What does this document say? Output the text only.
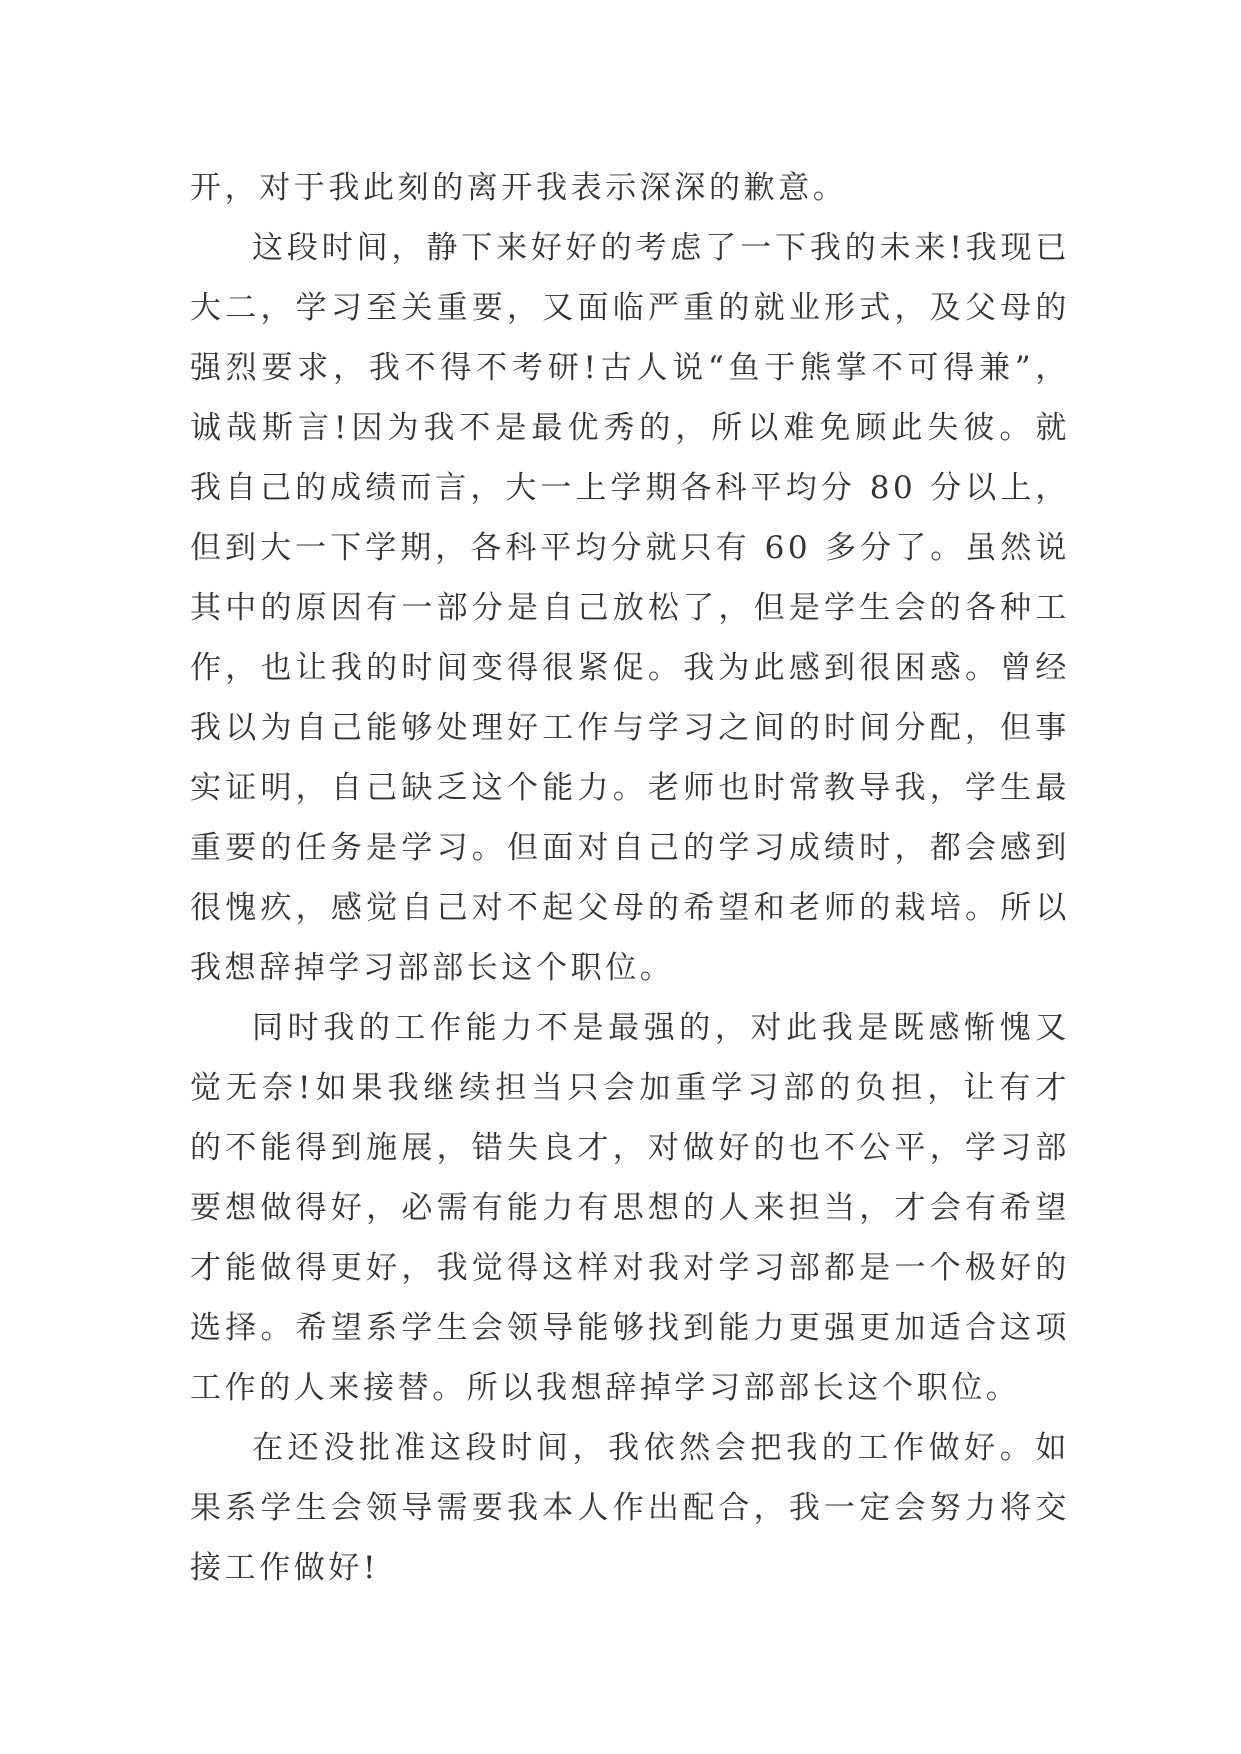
开，对于我此刻的离开我表示深深的歉意。

这段时间，静下来好好的考虑了一下我的未来!我现已大二，学习至关重要，又面临严重的就业形式，及父母的强烈要求，我不得不考研!古人说“鱼于熊掌不可得兼”，诚哉斯言!因为我不是最优秀的，所以难免顾此失彼。就我自己的成绩而言，大一上学期各科平均分 80 分以上，但到大一下学期，各科平均分就只有 60 多分了。虽然说其中的原因有一部分是自己放松了，但是学生会的各种工作，也让我的时间变得很紧促。我为此感到很困惑。曾经我以为自己能够处理好工作与学习之间的时间分配，但事实证明，自己缺乏这个能力。老师也时常教导我，学生最重要的任务是学习。但面对自己的学习成绩时，都会感到很愧疚，感觉自己对不起父母的希望和老师的栽培。所以我想辞掉学习部部长这个职位。

同时我的工作能力不是最强的，对此我是既感惭愧又觉无奈!如果我继续担当只会加重学习部的负担，让有才的不能得到施展，错失良才，对做好的也不公平，学习部要想做得好，必需有能力有思想的人来担当，才会有希望才能做得更好，我觉得这样对我对学习部都是一个极好的选择。希望系学生会领导能够找到能力更强更加适合这项工作的人来接替。所以我想辞掉学习部部长这个职位。

在还没批准这段时间，我依然会把我的工作做好。如果系学生会领导需要我本人作出配合，我一定会努力将交接工作做好!
